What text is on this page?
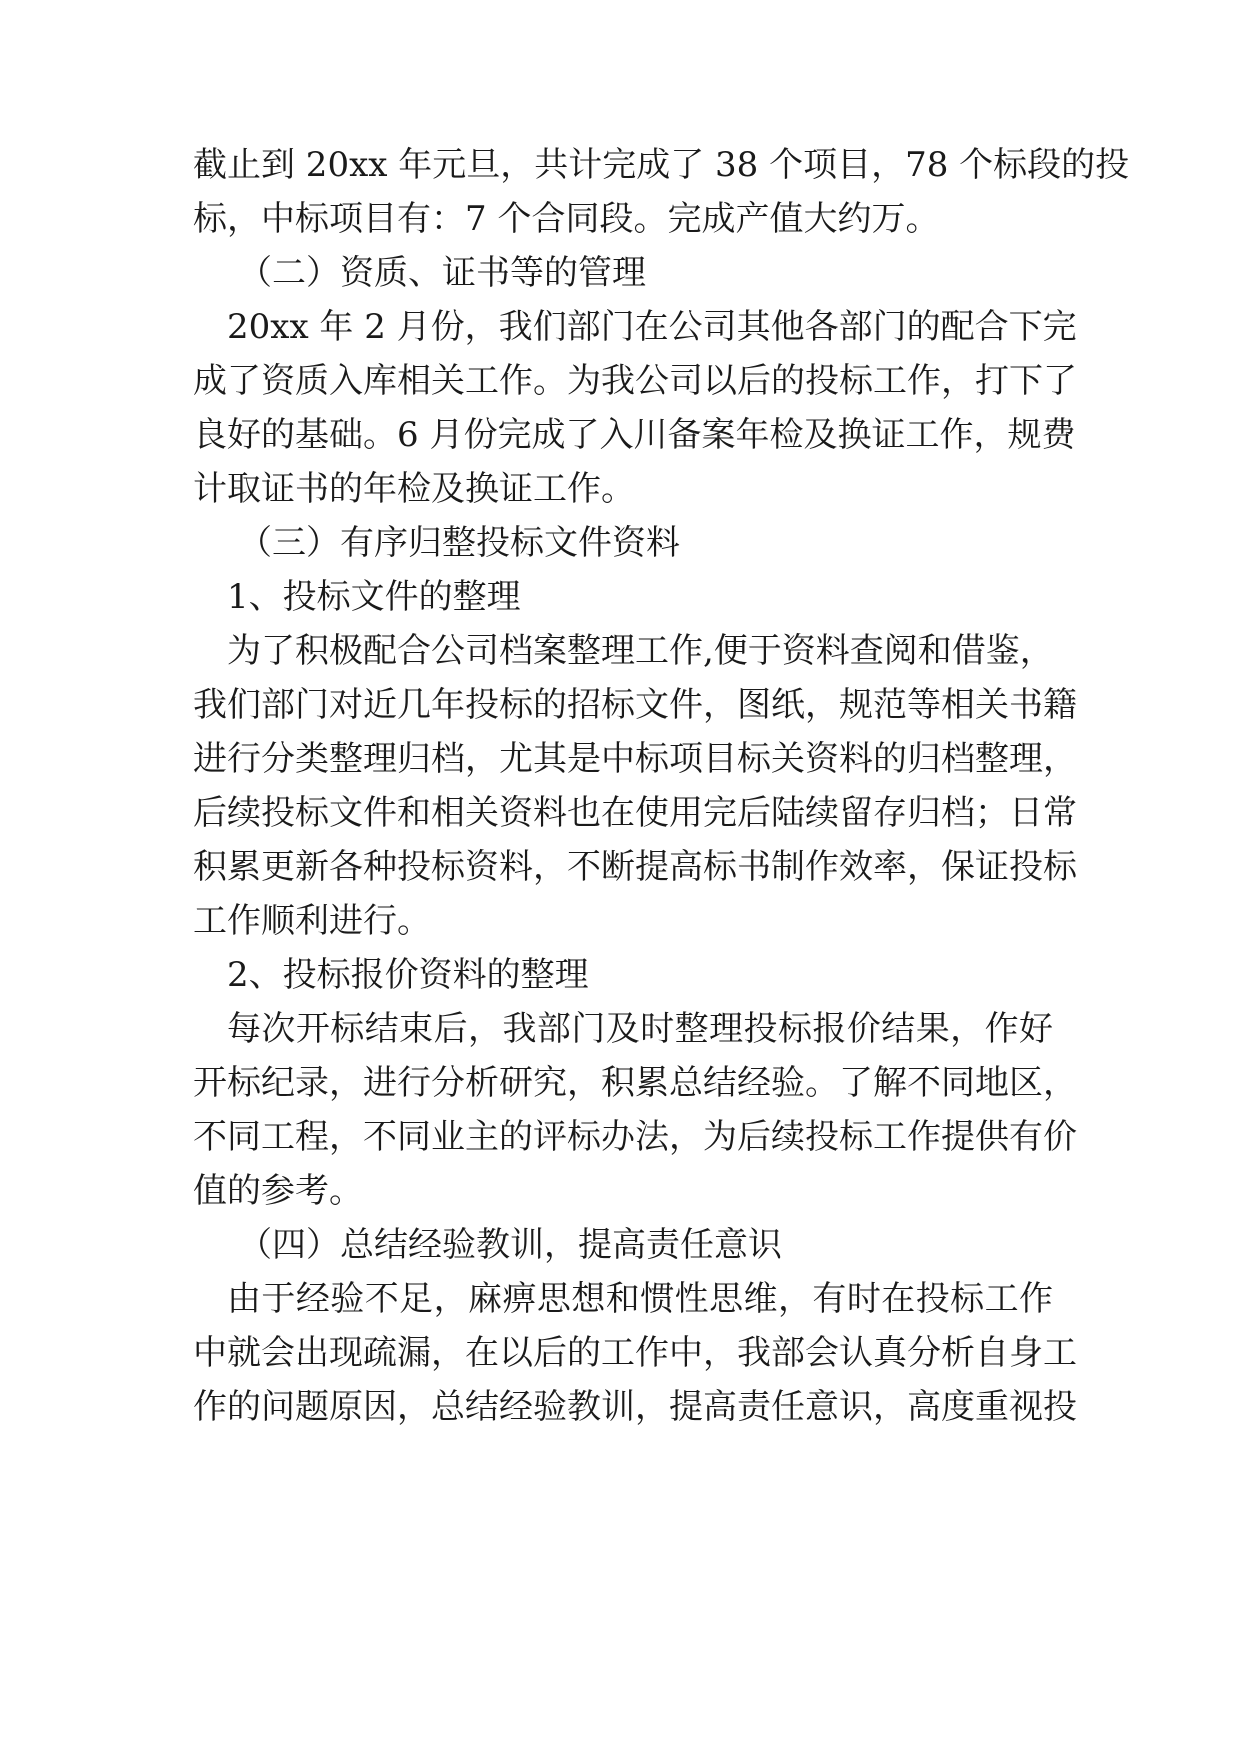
截止到 20xx 年元旦，共计完成了 38 个项目，78 个标段的投
标，中标项目有：7 个合同段。完成产值大约万。
（二）资质、证书等的管理
20xx 年 2 月份，我们部门在公司其他各部门的配合下完
成了资质入库相关工作。为我公司以后的投标工作，打下了
良好的基础。6 月份完成了入川备案年检及换证工作，规费
计取证书的年检及换证工作。
（三）有序归整投标文件资料
1、投标文件的整理
为了积极配合公司档案整理工作,便于资料查阅和借鉴，
我们部门对近几年投标的招标文件，图纸，规范等相关书籍
进行分类整理归档，尤其是中标项目标关资料的归档整理，
后续投标文件和相关资料也在使用完后陆续留存归档；日常
积累更新各种投标资料，不断提高标书制作效率，保证投标
工作顺利进行。
2、投标报价资料的整理
每次开标结束后，我部门及时整理投标报价结果，作好
开标纪录，进行分析研究，积累总结经验。了解不同地区，
不同工程，不同业主的评标办法，为后续投标工作提供有价
值的参考。
（四）总结经验教训，提高责任意识
由于经验不足，麻痹思想和惯性思维，有时在投标工作
中就会出现疏漏，在以后的工作中，我部会认真分析自身工
作的问题原因，总结经验教训，提高责任意识，高度重视投
